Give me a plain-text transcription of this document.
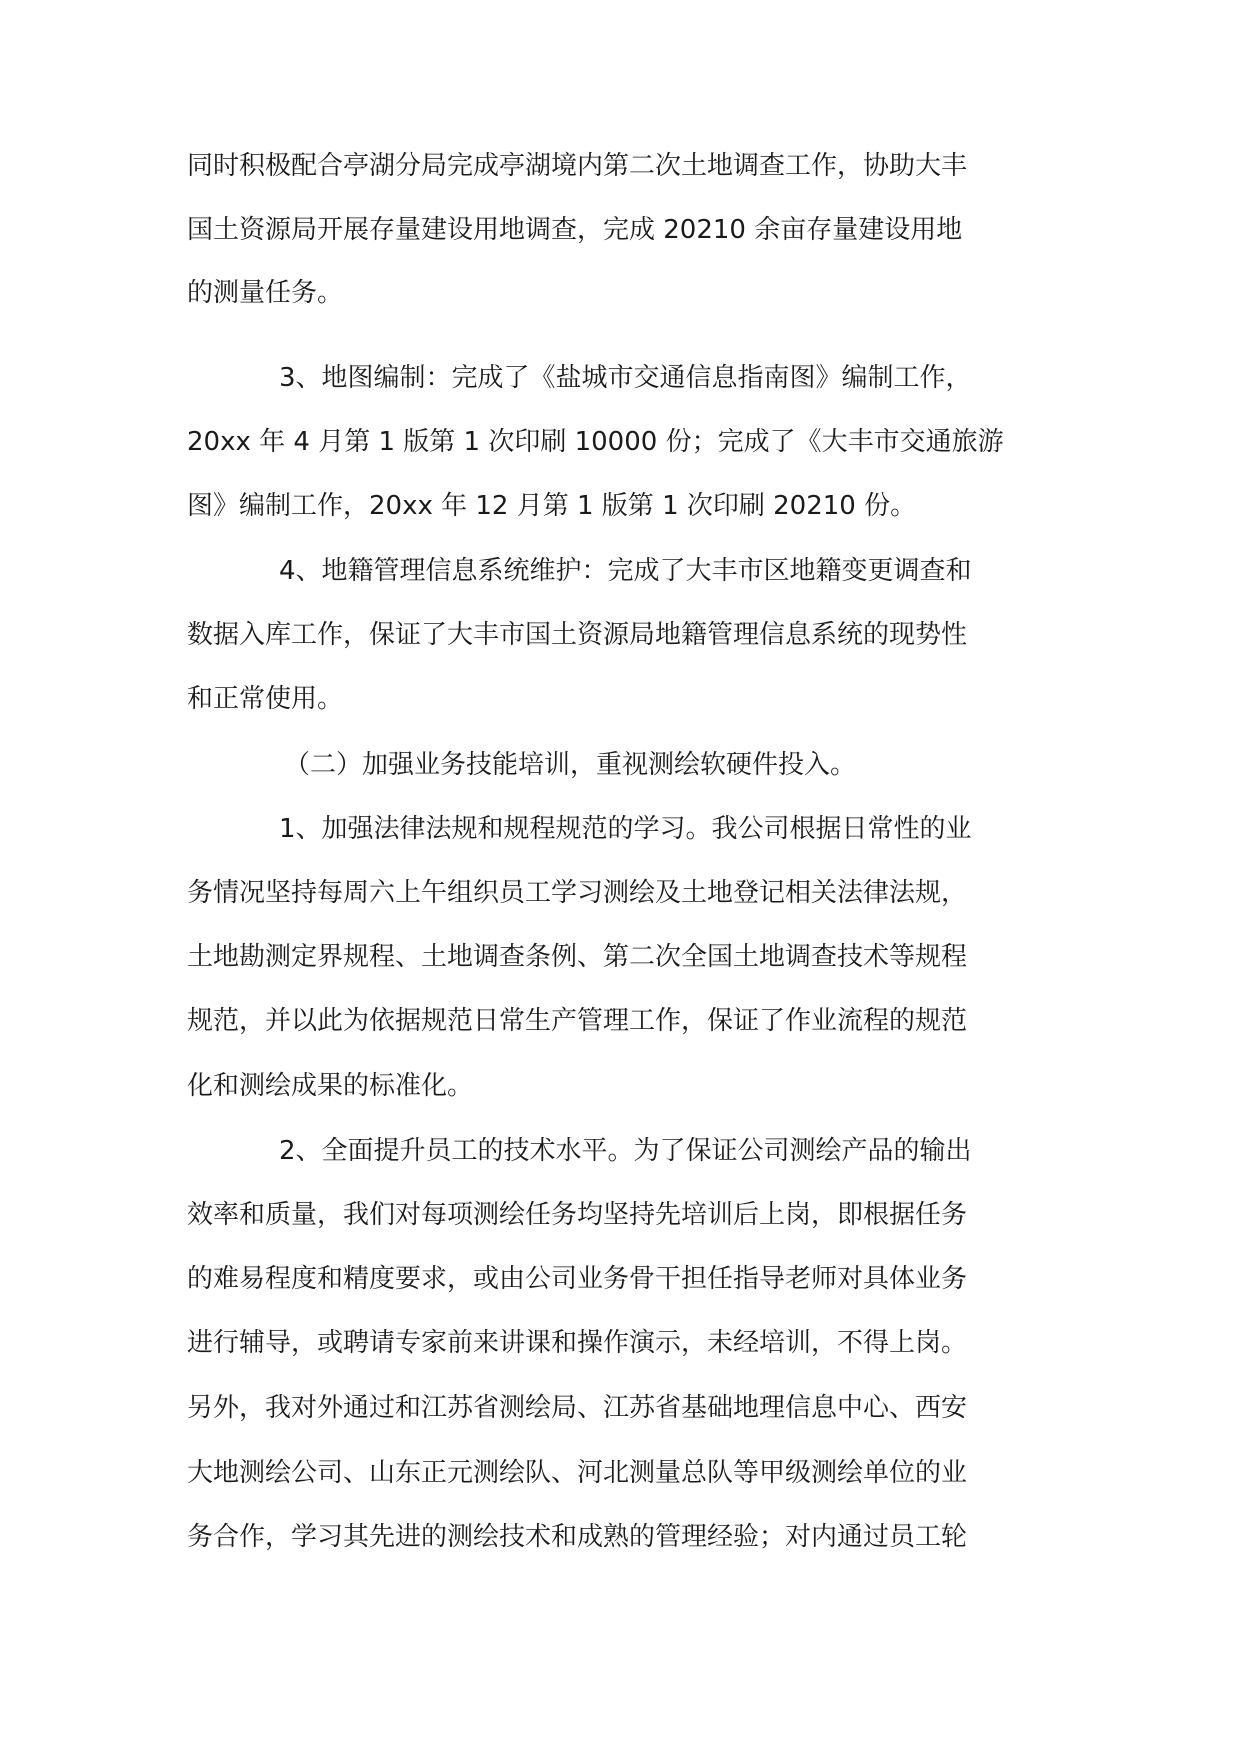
同时积极配合亭湖分局完成亭湖境内第二次土地调查工作，协助大丰
国土资源局开展存量建设用地调查，完成 20210 余亩存量建设用地
的测量任务。
3、地图编制：完成了《盐城市交通信息指南图》编制工作，
20xx 年 4 月第 1 版第 1 次印刷 10000 份；完成了《大丰市交通旅游
图》编制工作，20xx 年 12 月第 1 版第 1 次印刷 20210 份。
4、地籍管理信息系统维护：完成了大丰市区地籍变更调查和
数据入库工作，保证了大丰市国土资源局地籍管理信息系统的现势性
和正常使用。
（二）加强业务技能培训，重视测绘软硬件投入。
1、加强法律法规和规程规范的学习。我公司根据日常性的业
务情况坚持每周六上午组织员工学习测绘及土地登记相关法律法规，
土地勘测定界规程、土地调查条例、第二次全国土地调查技术等规程
规范，并以此为依据规范日常生产管理工作，保证了作业流程的规范
化和测绘成果的标准化。
2、全面提升员工的技术水平。为了保证公司测绘产品的输出
效率和质量，我们对每项测绘任务均坚持先培训后上岗，即根据任务
的难易程度和精度要求，或由公司业务骨干担任指导老师对具体业务
进行辅导，或聘请专家前来讲课和操作演示，未经培训，不得上岗。
另外，我对外通过和江苏省测绘局、江苏省基础地理信息中心、西安
大地测绘公司、山东正元测绘队、河北测量总队等甲级测绘单位的业
务合作，学习其先进的测绘技术和成熟的管理经验；对内通过员工轮
